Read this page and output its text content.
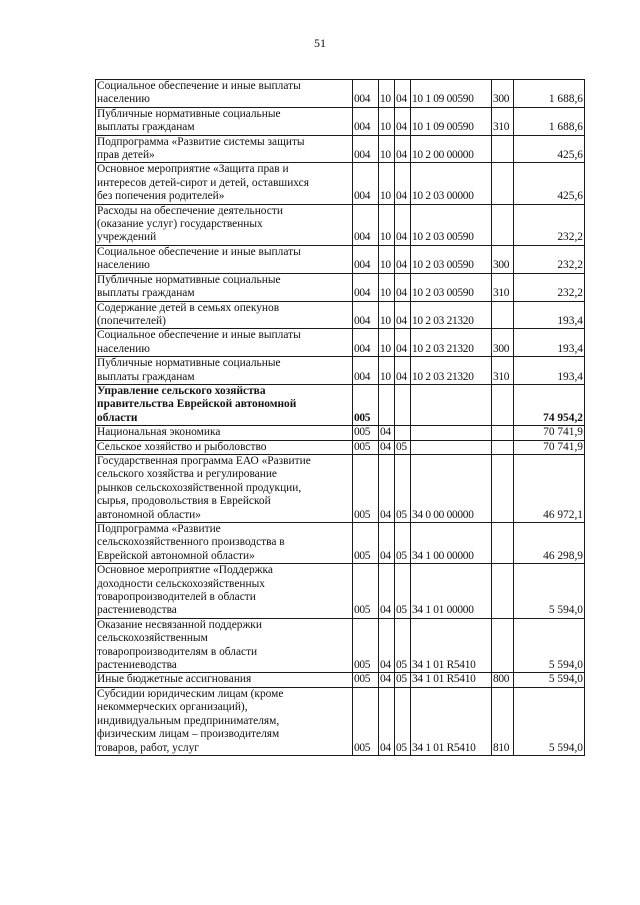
51
Социальное обеспечение и иные выплаты
населению	004	10	04	10 1 09 00590	300	1 688,6

Публичные нормативные социальные
выплаты гражданам	004	10	04	10 1 09 00590	310	1 688,6

Подпрограмма «Развитие системы защиты
прав детей»	004	10	04	10 2 00 00000		425,6

Основное мероприятие «Защита прав и
интересов детей-сирот и детей, оставшихся
без попечения родителей»	004	10	04	10 2 03 00000		425,6

Расходы на обеспечение деятельности
(оказание услуг) государственных
учреждений	004	10	04	10 2 03 00590		232,2

Социальное обеспечение и иные выплаты
населению	004	10	04	10 2 03 00590	300	232,2

Публичные нормативные социальные
выплаты гражданам	004	10	04	10 2 03 00590	310	232,2

Содержание детей в семьях опекунов
(попечителей)	004	10	04	10 2 03 21320		193,4

Социальное обеспечение и иные выплаты
населению	004	10	04	10 2 03 21320	300	193,4

Публичные нормативные социальные
выплаты гражданам	004	10	04	10 2 03 21320	310	193,4

Управление сельского хозяйства
правительства Еврейской автономной
области	005					74 954,2

Национальная экономика	005	04				70 741,9

Сельское хозяйство и рыболовство	005	04	05			70 741,9

Государственная программа ЕАО «Развитие
сельского хозяйства и регулирование
рынков сельскохозяйственной продукции,
сырья, продовольствия в Еврейской
автономной области»	005	04	05	34 0 00 00000		46 972,1

Подпрограмма «Развитие
сельскохозяйственного производства в
Еврейской автономной области»	005	04	05	34 1 00 00000		46 298,9

Основное мероприятие «Поддержка
доходности сельскохозяйственных
товаропроизводителей в области
растениеводства	005	04	05	34 1 01 00000		5 594,0

Оказание несвязанной поддержки
сельскохозяйственным
товаропроизводителям в области
растениеводства	005	04	05	34 1 01 R5410		5 594,0

Иные бюджетные ассигнования	005	04	05	34 1 01 R5410	800	5 594,0

Субсидии юридическим лицам (кроме
некоммерческих организаций),
индивидуальным предпринимателям,
физическим лицам – производителям
товаров, работ, услуг	005	04	05	34 1 01 R5410	810	5 594,0
